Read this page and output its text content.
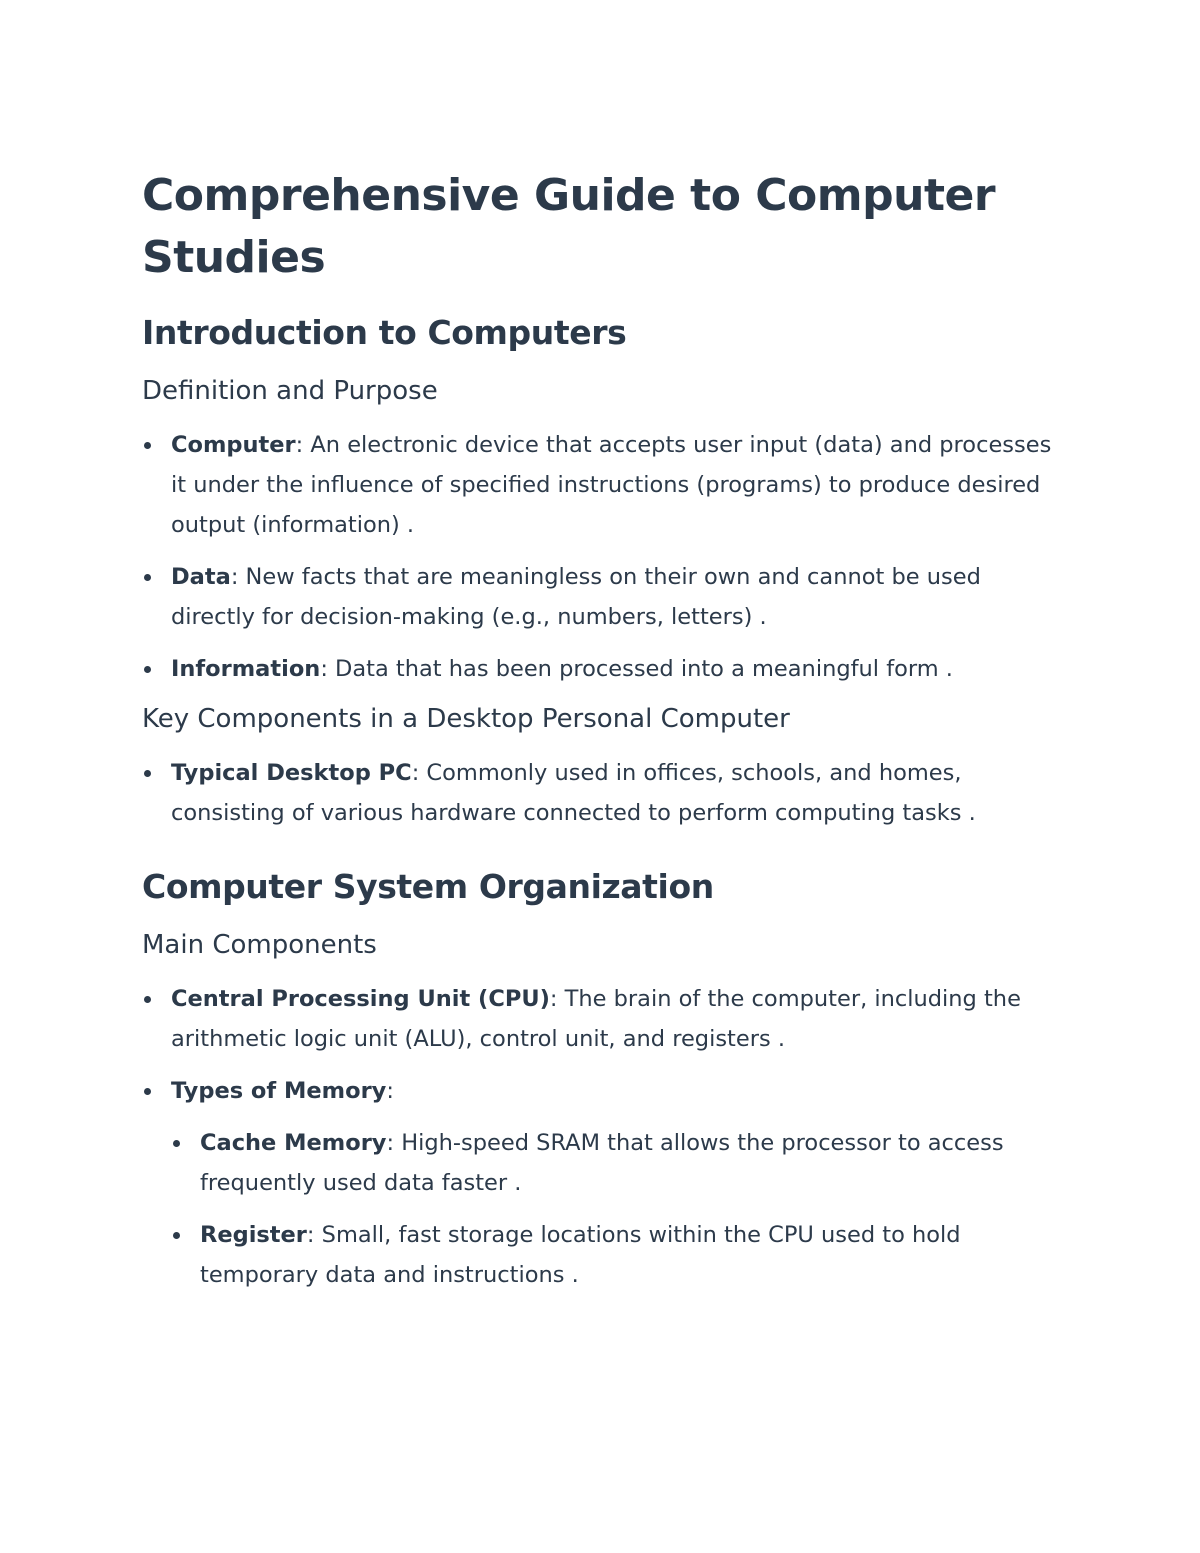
Comprehensive Guide to Computer Studies
Introduction to Computers
Definition and Purpose
Computer: An electronic device that accepts user input (data) and processes it under the influence of specified instructions (programs) to produce desired output (information) .
Data: New facts that are meaningless on their own and cannot be used directly for decision-making (e.g., numbers, letters) .
Information: Data that has been processed into a meaningful form .
Key Components in a Desktop Personal Computer
Typical Desktop PC: Commonly used in offices, schools, and homes, consisting of various hardware connected to perform computing tasks .
Computer System Organization
Main Components
Central Processing Unit (CPU): The brain of the computer, including the arithmetic logic unit (ALU), control unit, and registers .
Types of Memory:
Cache Memory: High-speed SRAM that allows the processor to access frequently used data faster .
Register: Small, fast storage locations within the CPU used to hold temporary data and instructions .
